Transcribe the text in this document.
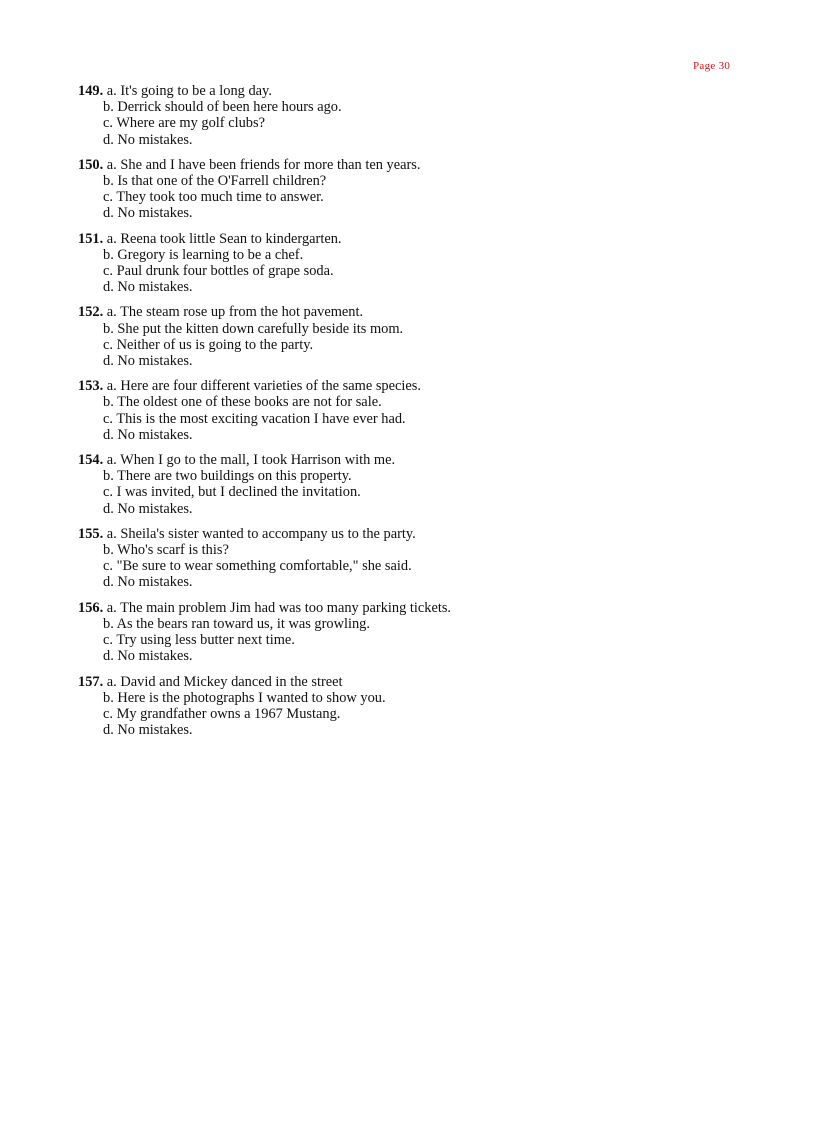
Page 30
149. a. It's going to be a long day.
b. Derrick should of been here hours ago.
c. Where are my golf clubs?
d. No mistakes.
150. a. She and I have been friends for more than ten years.
b. Is that one of the O'Farrell children?
c. They took too much time to answer.
d. No mistakes.
151. a. Reena took little Sean to kindergarten.
b. Gregory is learning to be a chef.
c. Paul drunk four bottles of grape soda.
d. No mistakes.
152. a. The steam rose up from the hot pavement.
b. She put the kitten down carefully beside its mom.
c. Neither of us is going to the party.
d. No mistakes.
153. a. Here are four different varieties of the same species.
b. The oldest one of these books are not for sale.
c. This is the most exciting vacation I have ever had.
d. No mistakes.
154. a. When I go to the mall, I took Harrison with me.
b. There are two buildings on this property.
c. I was invited, but I declined the invitation.
d. No mistakes.
155. a. Sheila's sister wanted to accompany us to the party.
b. Who's scarf is this?
c. "Be sure to wear something comfortable," she said.
d. No mistakes.
156. a. The main problem Jim had was too many parking tickets.
b. As the bears ran toward us, it was growling.
c. Try using less butter next time.
d. No mistakes.
157. a. David and Mickey danced in the street
b. Here is the photographs I wanted to show you.
c. My grandfather owns a 1967 Mustang.
d. No mistakes.
